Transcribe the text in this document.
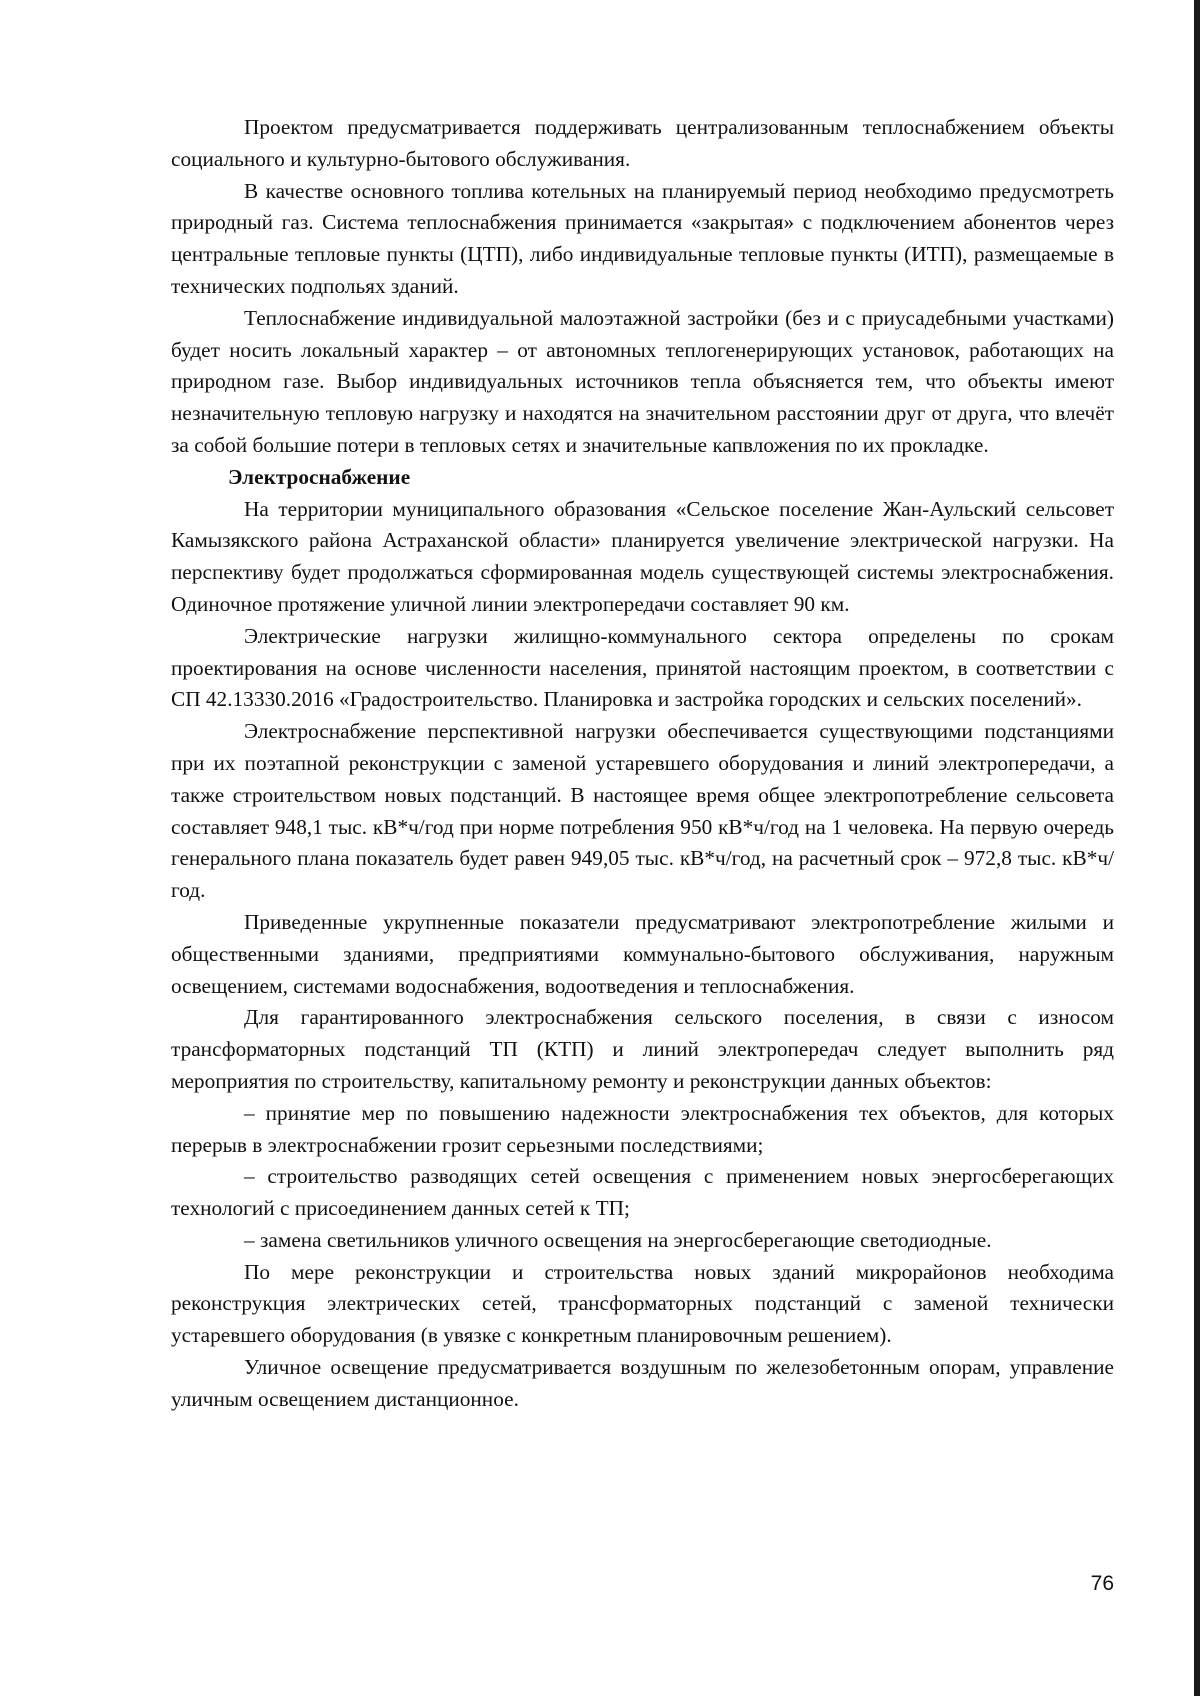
Проектом предусматривается поддерживать централизованным теплоснабжением объекты социального и культурно-бытового обслуживания.

В качестве основного топлива котельных на планируемый период необходимо предусмотреть природный газ. Система теплоснабжения принимается «закрытая» с подключением абонентов через центральные тепловые пункты (ЦТП), либо индивидуальные тепловые пункты (ИТП), размещаемые в технических подпольях зданий.

Теплоснабжение индивидуальной малоэтажной застройки (без и с приусадебными участками) будет носить локальный характер – от автономных теплогенерирующих установок, работающих на природном газе. Выбор индивидуальных источников тепла объясняется тем, что объекты имеют незначительную тепловую нагрузку и находятся на значительном расстоянии друг от друга, что влечёт за собой большие потери в тепловых сетях и значительные капвложения по их прокладке.

Электроснабжение

На территории муниципального образования «Сельское поселение Жан-Аульский сельсовет Камызякского района Астраханской области» планируется увеличение электрической нагрузки. На перспективу будет продолжаться сформированная модель существующей системы электроснабжения. Одиночное протяжение уличной линии электропередачи составляет 90 км.

Электрические нагрузки жилищно-коммунального сектора определены по срокам проектирования на основе численности населения, принятой настоящим проектом, в соответствии с СП 42.13330.2016 «Градостроительство. Планировка и застройка городских и сельских поселений».

Электроснабжение перспективной нагрузки обеспечивается существующими подстанциями при их поэтапной реконструкции с заменой устаревшего оборудования и линий электропередачи, а также строительством новых подстанций. В настоящее время общее электропотребление сельсовета составляет 948,1 тыс. кВ*ч/год при норме потребления 950 кВ*ч/год на 1 человека. На первую очередь генерального плана показатель будет равен 949,05 тыс. кВ*ч/год, на расчетный срок – 972,8 тыс. кВ*ч/год.

Приведенные укрупненные показатели предусматривают электропотребление жилыми и общественными зданиями, предприятиями коммунально-бытового обслуживания, наружным освещением, системами водоснабжения, водоотведения и теплоснабжения.

Для гарантированного электроснабжения сельского поселения, в связи с износом трансформаторных подстанций ТП (КТП) и линий электропередач следует выполнить ряд мероприятия по строительству, капитальному ремонту и реконструкции данных объектов:

– принятие мер по повышению надежности электроснабжения тех объектов, для которых перерыв в электроснабжении грозит серьезными последствиями;

– строительство разводящих сетей освещения с применением новых энергосберегающих технологий с присоединением данных сетей к ТП;

– замена светильников уличного освещения на энергосберегающие светодиодные.

По мере реконструкции и строительства новых зданий микрорайонов необходима реконструкция электрических сетей, трансформаторных подстанций с заменой технически устаревшего оборудования (в увязке с конкретным планировочным решением).

Уличное освещение предусматривается воздушным по железобетонным опорам, управление уличным освещением дистанционное.

76
